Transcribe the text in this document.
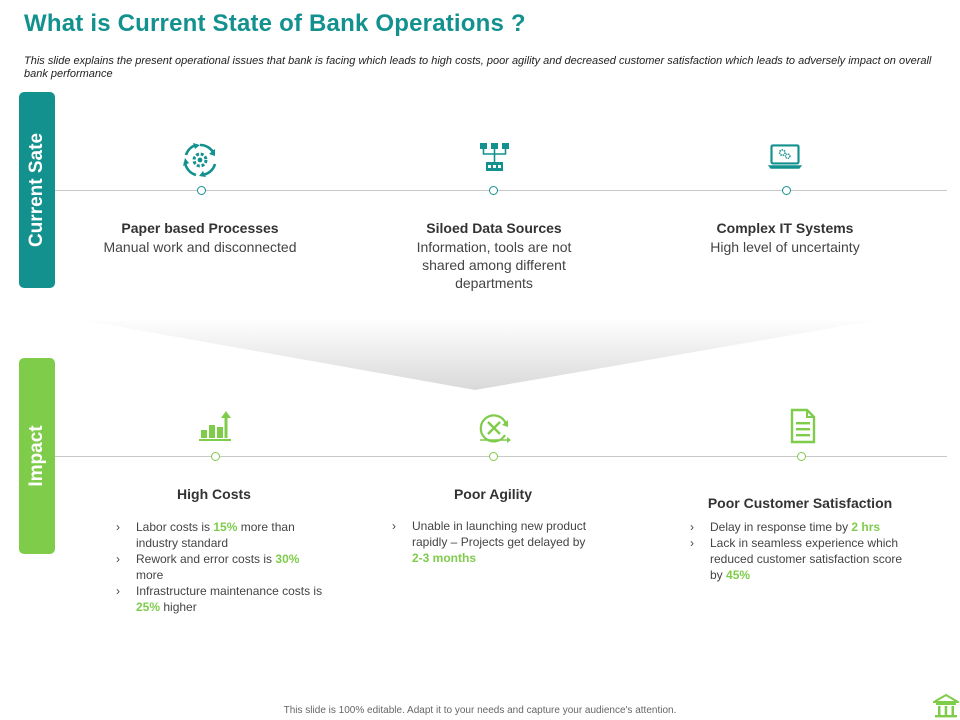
What is Current State of Bank Operations ?
This slide explains the present operational issues that bank is facing which leads to high costs, poor agility and decreased customer satisfaction which leads to adversely impact on overall bank performance
Current Sate
Impact
Paper based Processes
Manual work and disconnected
Siloed Data Sources
Information, tools are not shared among different departments
Complex IT Systems
High level of uncertainty
High Costs	Poor Agility
Poor Customer Satisfaction
› Labor costs is 15% more than industry standard
› Rework and error costs is 30% more
› Infrastructure maintenance costs is 25% higher
› Unable in launching new product rapidly – Projects get delayed by 2-3 months
› Delay in response time by 2 hrs
› Lack in seamless experience which reduced customer satisfaction score by 45%
This slide is 100% editable. Adapt it to your needs and capture your audience's attention.
